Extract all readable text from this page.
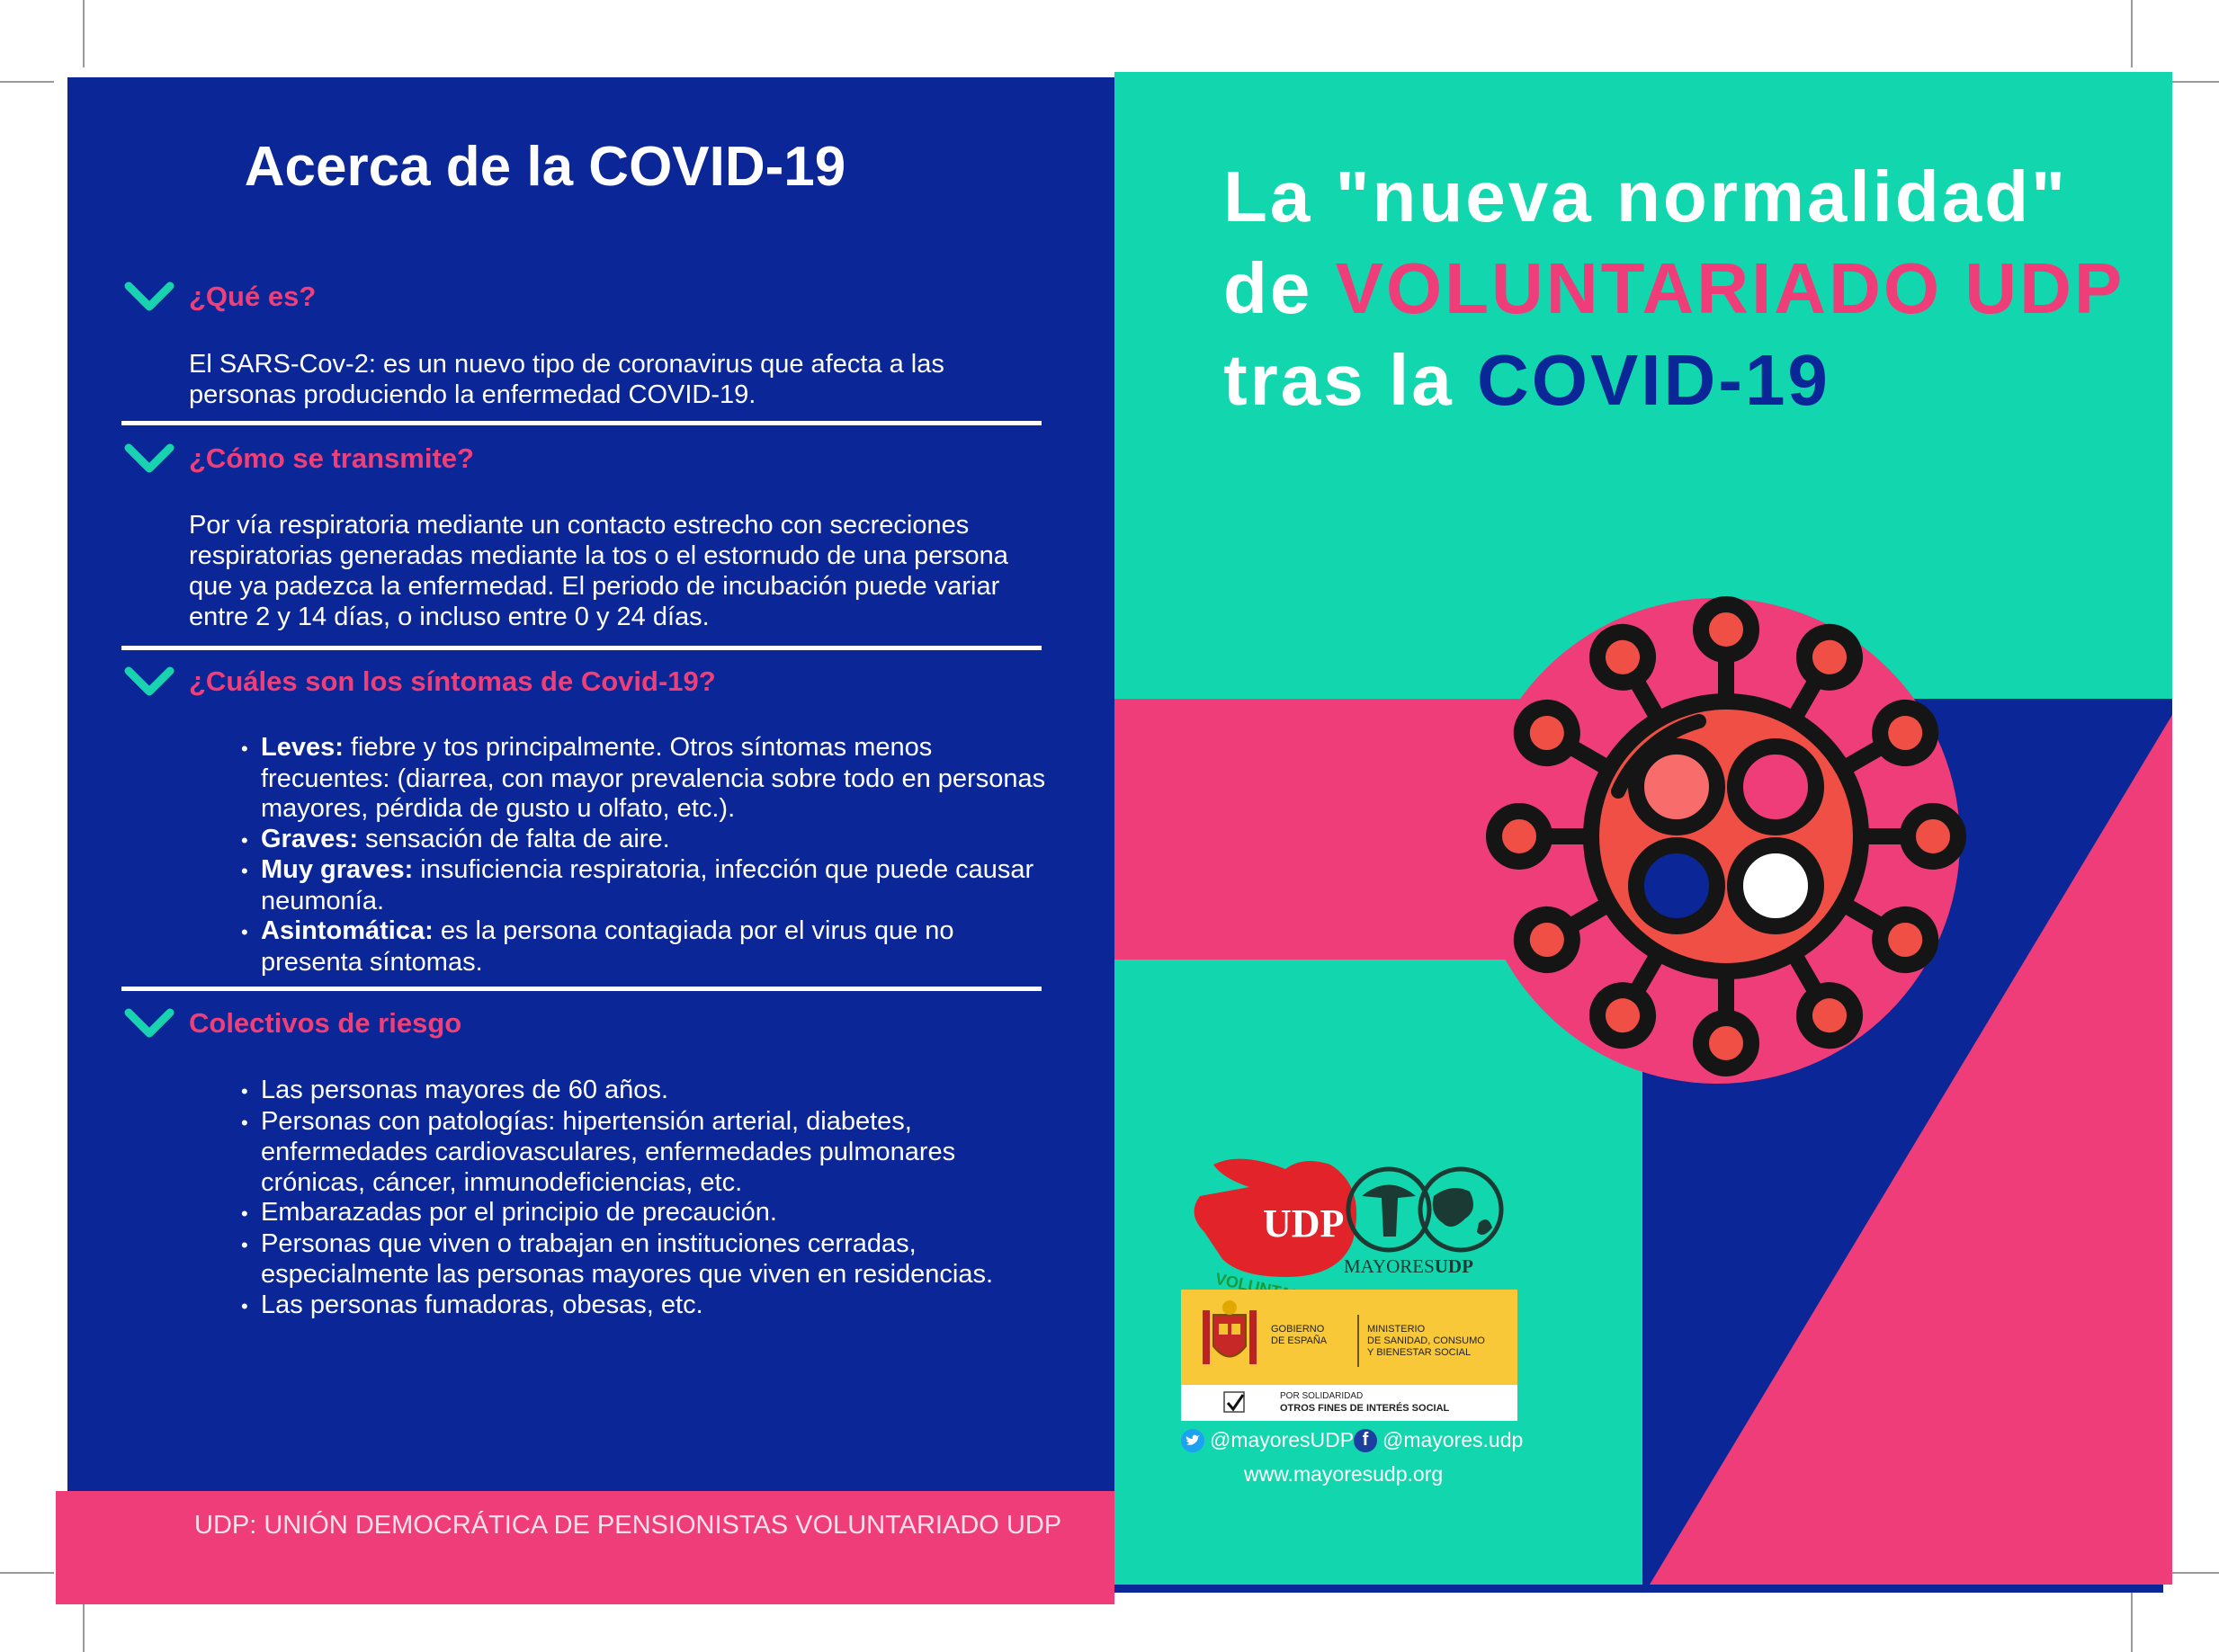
Acerca de la COVID-19
¿Qué es?

El SARS-Cov-2: es un nuevo tipo de coronavirus que afecta a las personas produciendo la enfermedad COVID-19.

¿Cómo se transmite?

Por vía respiratoria mediante un contacto estrecho con secreciones respiratorias generadas mediante la tos o el estornudo de una persona que ya padezca la enfermedad. El periodo de incubación puede variar entre 2 y 14 días, o incluso entre 0 y 24 días.

¿Cuáles son los síntomas de Covid-19?
• Leves: fiebre y tos principalmente. Otros síntomas menos frecuentes: (diarrea, con mayor prevalencia sobre todo en personas mayores, pérdida de gusto u olfato, etc.).
• Graves: sensación de falta de aire.
• Muy graves: insuficiencia respiratoria, infección que puede causar neumonía.
• Asintomática: es la persona contagiada por el virus que no presenta síntomas.
Colectivos de riesgo
• Las personas mayores de 60 años.
• Personas con patologías: hipertensión arterial, diabetes, enfermedades cardiovasculares, enfermedades pulmonares crónicas, cáncer, inmunodeficiencias, etc.
• Embarazadas por el principio de precaución.
• Personas que viven o trabajan en instituciones cerradas, especialmente las personas mayores que viven en residencias.
• Las personas fumadoras, obesas, etc.

UDP: UNIÓN DEMOCRÁTICA DE PENSIONISTAS VOLUNTARIADO UDP

UDP
MAYORESUDP
La "nueva normalidad"
de VOLUNTARIADO UDP
tras la COVID-19
GOBIERNO
DE ESPAÑA
MINISTERIO
DE SANIDAD, CONSUMO
Y BIENESTAR SOCIAL
POR SOLIDARIDAD
OTROS FINES DE INTERÉS SOCIAL
@mayoresUDP f @mayores.udp
www.mayoresudp.org
